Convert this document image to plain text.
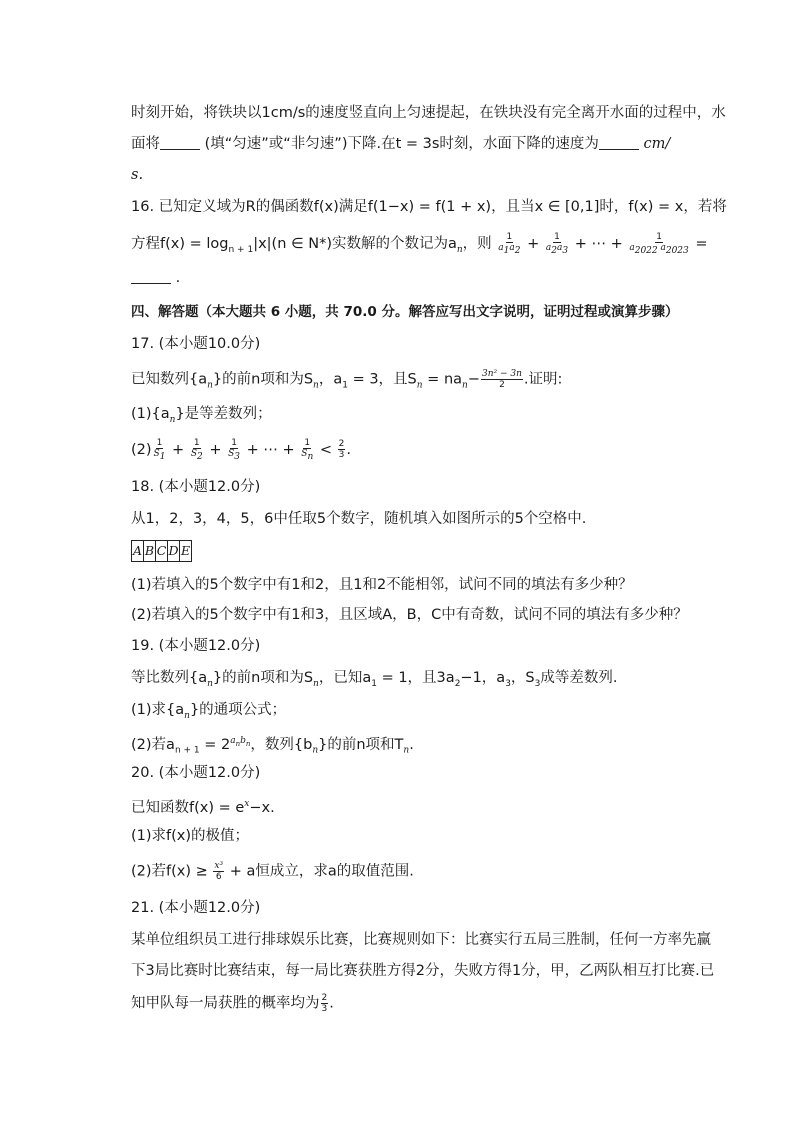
时刻开始，将铁块以1cm/s的速度竖直向上匀速提起，在铁块没有完全离开水面的过程中，水
面将	(填“匀速”或“非匀速”)下降.在t = 3s时刻，水面下降的速度为	cm/
s.
16. 已知定义域为R的偶函数f(x)满足f(1−x) = f(1 + x)，且当x ∈ [0,1]时，f(x) = x，若将
方程$f(x) = \log_{n + 1}|x|(n$ ∈ N*)实数解的个数记为$a_n$，则 $\frac{1}{a_1a_2} + \frac{1}{a_2a_3}$ + ⋯ + $\frac{1}{a_{2022} a_{2023}}$ =
.
四、解答题（本大题共 6 小题，共 70.0 分。解答应写出文字说明，证明过程或演算步骤）
17. (本小题10.0分)
已知数列$\{a_n\}$的前n项和为$S_n$，$a_1 = 3$，且$S_n = na_n- \frac{\text{3n² − 3n}}{2}$ .证明:
$(1)\{a_n\}$是等差数列；
$(2) \frac{1}{S_1} + \frac{1}{S_2} + \frac{1}{S_3}$ + ⋯ + $\frac{1}{S_n} < \frac{2}{3}$ .
18. (本小题12.0分)
从1，2，3，4，5，6中任取5个数字，随机填入如图所示的5个空格中.
A B C D E
(1)若填入的5个数字中有1和2，且1和2不能相邻，试问不同的填法有多少种？
(2)若填入的5个数字中有1和3，且区域A，B，C中有奇数，试问不同的填法有多少种？
19. (本小题12.0分)
等比数列$\{a_n\}$的前n项和为$S_n$，已知$a_1 = 1$，且$3a_2-1$，$a_3$，$S_3$成等差数列.
(1)求$\{a_n\}$的通项公式；
(2)若$a_{n + 1} = 2^{a_nb_n}$，数列$\{b_n\}$的前n项和$T_n$.
20. (本小题12.0分)
已知函数$f(x) = e^x-x$.
(1)求f(x)的极值；
(2)若$f(x) \ge \frac{\text{x³}}{6} + a$恒成立，求a的取值范围.
21. (本小题12.0分)
某单位组织员工进行排球娱乐比赛，比赛规则如下：比赛实行五局三胜制，任何一方率先赢
下3局比赛时比赛结束，每一局比赛获胜方得2分，失败方得1分，甲，乙两队相互打比赛.已
知甲队每一局获胜的概率均为 $\frac{2}{3}$ .
